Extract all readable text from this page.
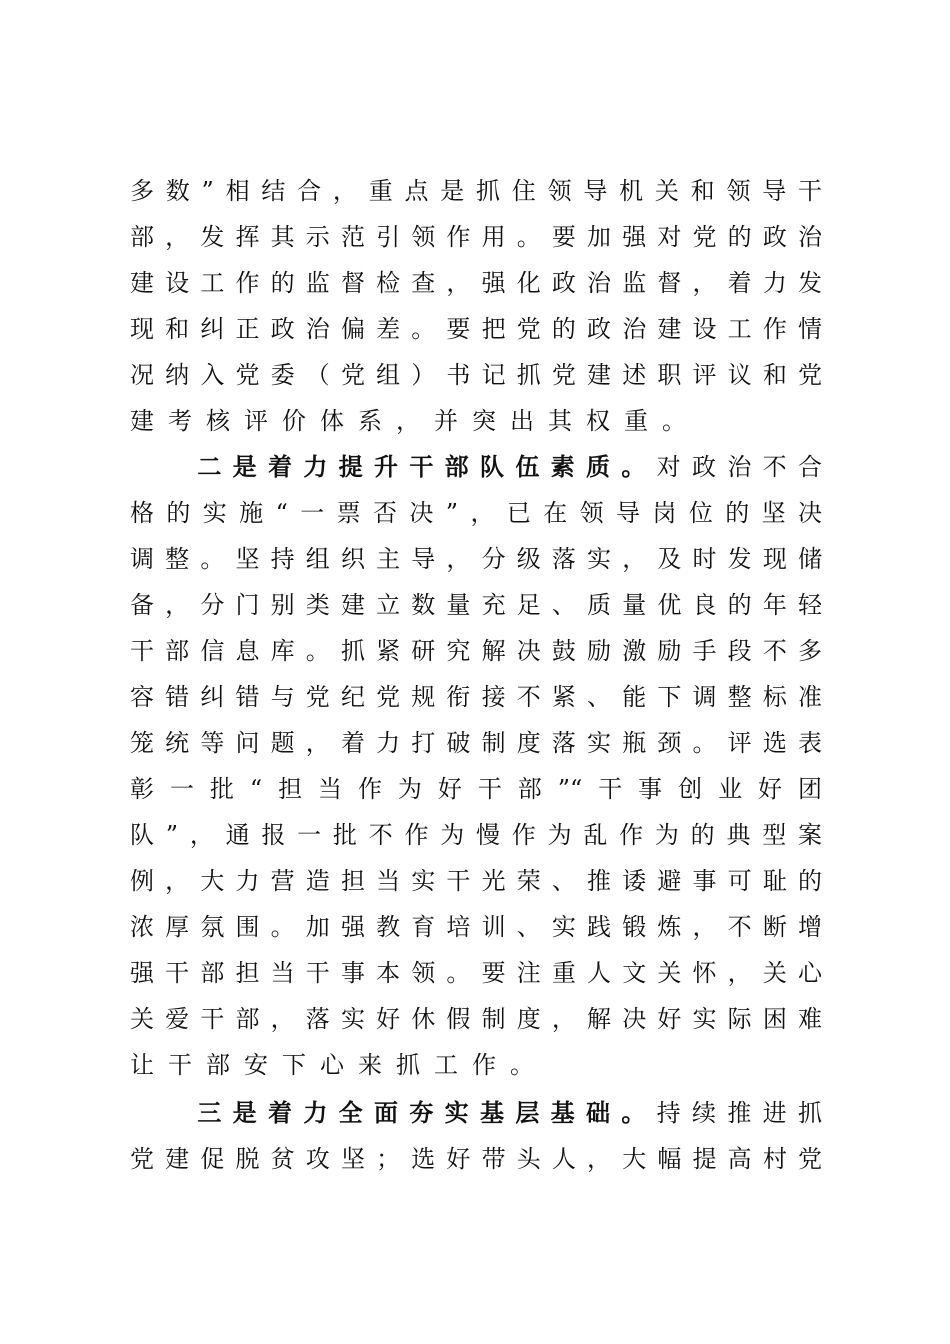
多数”相结合，重点是抓住领导机关和领导干
部，发挥其示范引领作用。要加强对党的政治
建设工作的监督检查，强化政治监督，着力发
现和纠正政治偏差。要把党的政治建设工作情
况纳入党委（党组）书记抓党建述职评议和党
建考核评价体系，并突出其权重。
二是着力提升干部队伍素质。对政治不合
格的实施“一票否决”，已在领导岗位的坚决
调整。坚持组织主导，分级落实，及时发现储
备，分门别类建立数量充足、质量优良的年轻
干部信息库。抓紧研究解决鼓励激励手段不多
容错纠错与党纪党规衔接不紧、能下调整标准
笼统等问题，着力打破制度落实瓶颈。评选表
彰一批“担当作为好干部”“干事创业好团
队”，通报一批不作为慢作为乱作为的典型案
例，大力营造担当实干光荣、推诿避事可耻的
浓厚氛围。加强教育培训、实践锻炼，不断增
强干部担当干事本领。要注重人文关怀，关心
关爱干部，落实好休假制度，解决好实际困难
让干部安下心来抓工作。
三是着力全面夯实基层基础。持续推进抓
党建促脱贫攻坚；选好带头人，大幅提高村党
